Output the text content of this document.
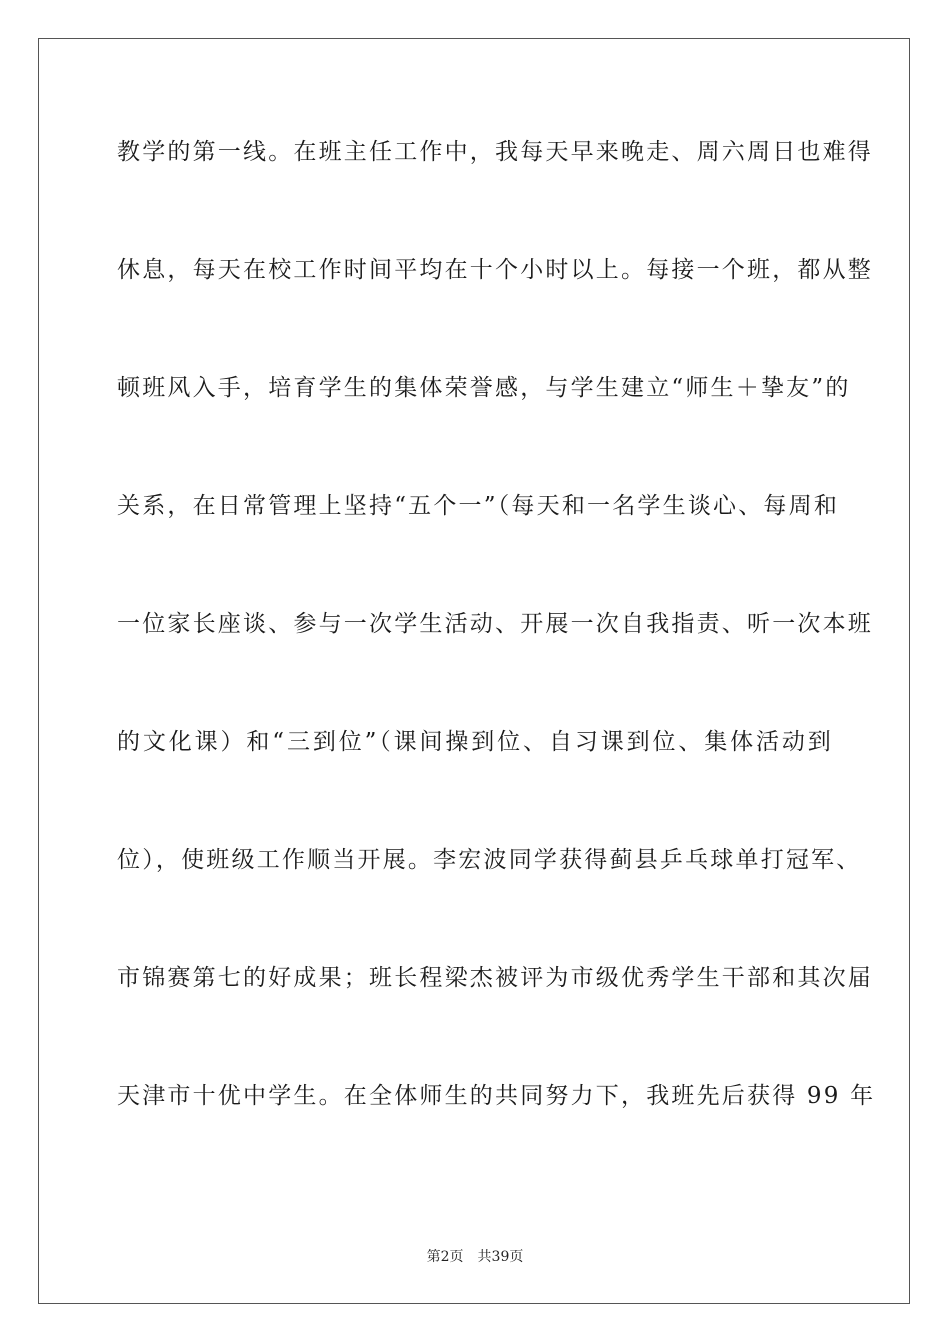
教学的第一线。在班主任工作中，我每天早来晚走、周六周日也难得
休息，每天在校工作时间平均在十个小时以上。每接一个班，都从整
顿班风入手，培育学生的集体荣誉感，与学生建立“师生＋挚友”的
关系，在日常管理上坚持“五个一”（每天和一名学生谈心、每周和
一位家长座谈、参与一次学生活动、开展一次自我指责、听一次本班
的文化课）和“三到位”（课间操到位、自习课到位、集体活动到
位），使班级工作顺当开展。李宏波同学获得蓟县乒乓球单打冠军、
市锦赛第七的好成果；班长程梁杰被评为市级优秀学生干部和其次届
天津市十优中学生。在全体师生的共同努力下，我班先后获得 99 年
第2页 共39页
